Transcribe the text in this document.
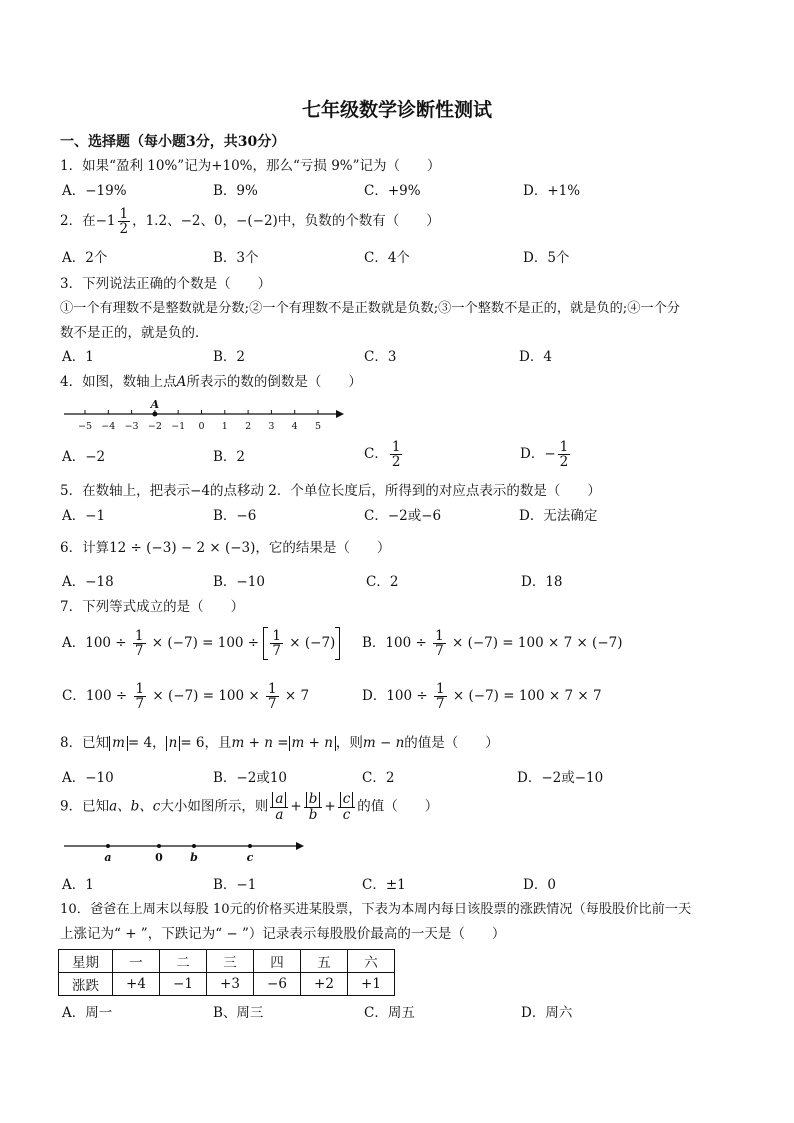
七年级数学诊断性测试
一、选择题（每小题3分，共30分）
1．如果“盈利 10%”记为+10%，那么“亏损 9%”记为（　　）
A．−19%	B．9%	C．+9%	D．+1%
2．在$-1 \frac{1}{2}$ ，1.2、−2、0，−(−2)中，负数的个数有（　　）
A．2个	B．3个	C．4个	D．5个
3．下列说法正确的个数是（　　）
①一个有理数不是整数就是分数;②一个有理数不是正数就是负数;③一个整数不是正的，就是负的;④一个分
数不是正的，就是负的．
A．1	B．2	C．3	D．4
4．如图，数轴上点A所表示的数的倒数是（　　）
−5 −4 −3 −2 −1 0 1 2 3 4 5
A
A．−2	B．2	C． $\frac{1}{2}$	D．− $\frac{1}{2}$
5．在数轴上，把表示−4的点移动 2．个单位长度后，所得到的对应点表示的数是（　　）
A．−1	B．−6	C．−2或−6	D．无法确定
6．计算12 ÷ (−3) − 2 × (−3)，它的结果是（　　）
A．−18	B．−10	C．2	D．18
7．下列等式成立的是（　　）
A．$100 \div \frac{1}{7} \times (-7) = 100 \div \frac{1}{7} \times (-7)$	B．$100 \div \frac{1}{7} \times (-7) = 100 \times 7 \times (-7)$
C．$100 \div \frac{1}{7} \times (-7) = 100 \times \frac{1}{7} \times 7$	D．$100 \div \frac{1}{7} \times (-7) = 100 \times 7 \times 7$
8．已知 m = 4， n = 6，且m + n = m + n ，则m − n的值是（　　）
A．−10	B．−2或10	C．2	D．−2或−10
9．已知a、b、c大小如图所示，则 $\frac{a}{a} + \frac{b}{b} + \frac{c}{c}$ 的值（　　）
a	0 b	c
A．1	B．−1	C．±1	D．0
10．爸爸在上周末以每股 10元的价格买进某股票，下表为本周内每日该股票的涨跌情况（每股股价比前一天
上涨记为“ + ”，下跌记为“ − ”）记录表示每股股价最高的一天是（　　）
星期	一	二	三	四	五	六
涨跌	+4	−1	+3	−6	+2	+1
A．周一	B、周三	C．周五	D．周六
